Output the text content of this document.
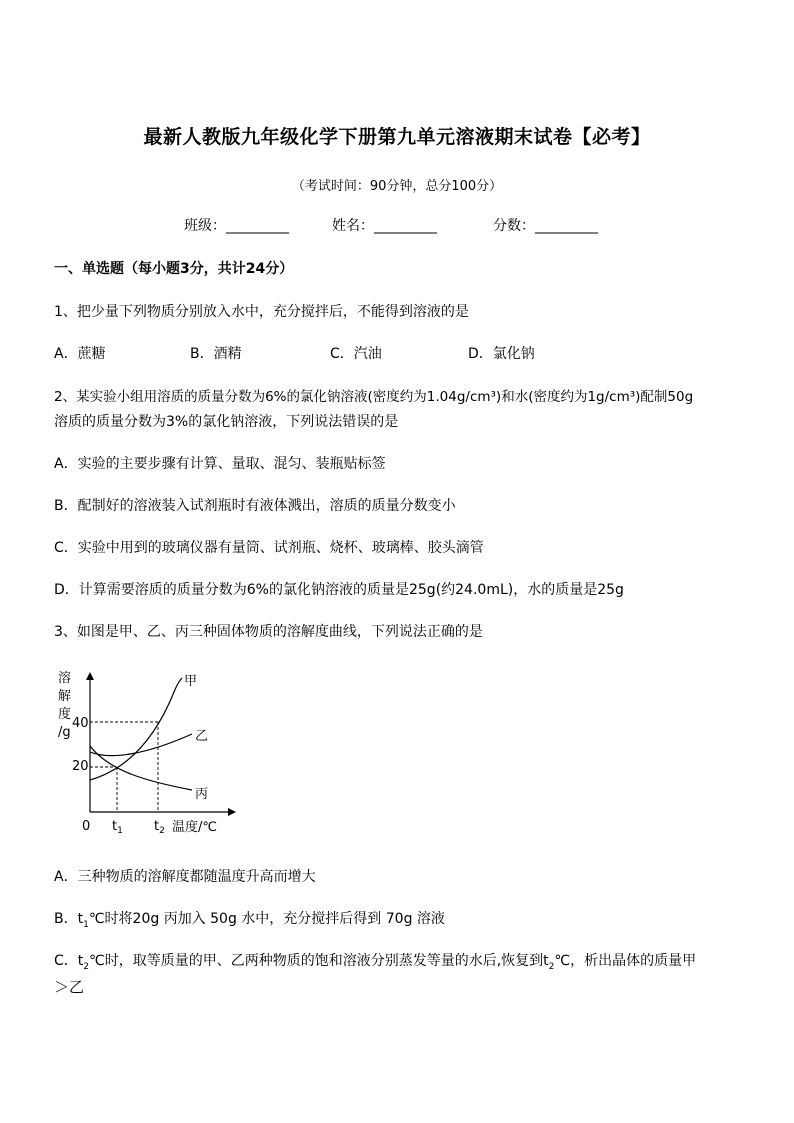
最新人教版九年级化学下册第九单元溶液期末试卷【必考】
（考试时间：90分钟，总分100分）
班级：_________	姓名：_________	分数：_________
一、单选题（每小题3分，共计24分）
1、把少量下列物质分别放入水中，充分搅拌后，不能得到溶液的是
A．蔗糖	B．酒精	C．汽油	D．氯化钠
2、某实验小组用溶质的质量分数为6%的氯化钠溶液(密度约为1.04g/cm³)和水(密度约为1g/cm³)配制50g
溶质的质量分数为3%的氯化钠溶液，下列说法错误的是
A．实验的主要步骤有计算、量取、混匀、装瓶贴标签
B．配制好的溶液装入试剂瓶时有液体溅出，溶质的质量分数变小
C．实验中用到的玻璃仪器有量筒、试剂瓶、烧杯、玻璃棒、胶头滴管
D．计算需要溶质的质量分数为6%的氯化钠溶液的质量是25g(约24.0mL)，水的质量是25g
3、如图是甲、乙、丙三种固体物质的溶解度曲线，下列说法正确的是
溶
解
度
/g
40
20
0 $t_1$ $t_2$ 温度/℃
甲
乙
丙
A．三种物质的溶解度都随温度升高而增大
B．$t_1℃$时将20g 丙加入 50g 水中，充分搅拌后得到 70g 溶液
C．$t_2℃$时，取等质量的甲、乙两种物质的饱和溶液分别蒸发等量的水后,恢复到$t_2℃$，析出晶体的质量甲
＞乙
